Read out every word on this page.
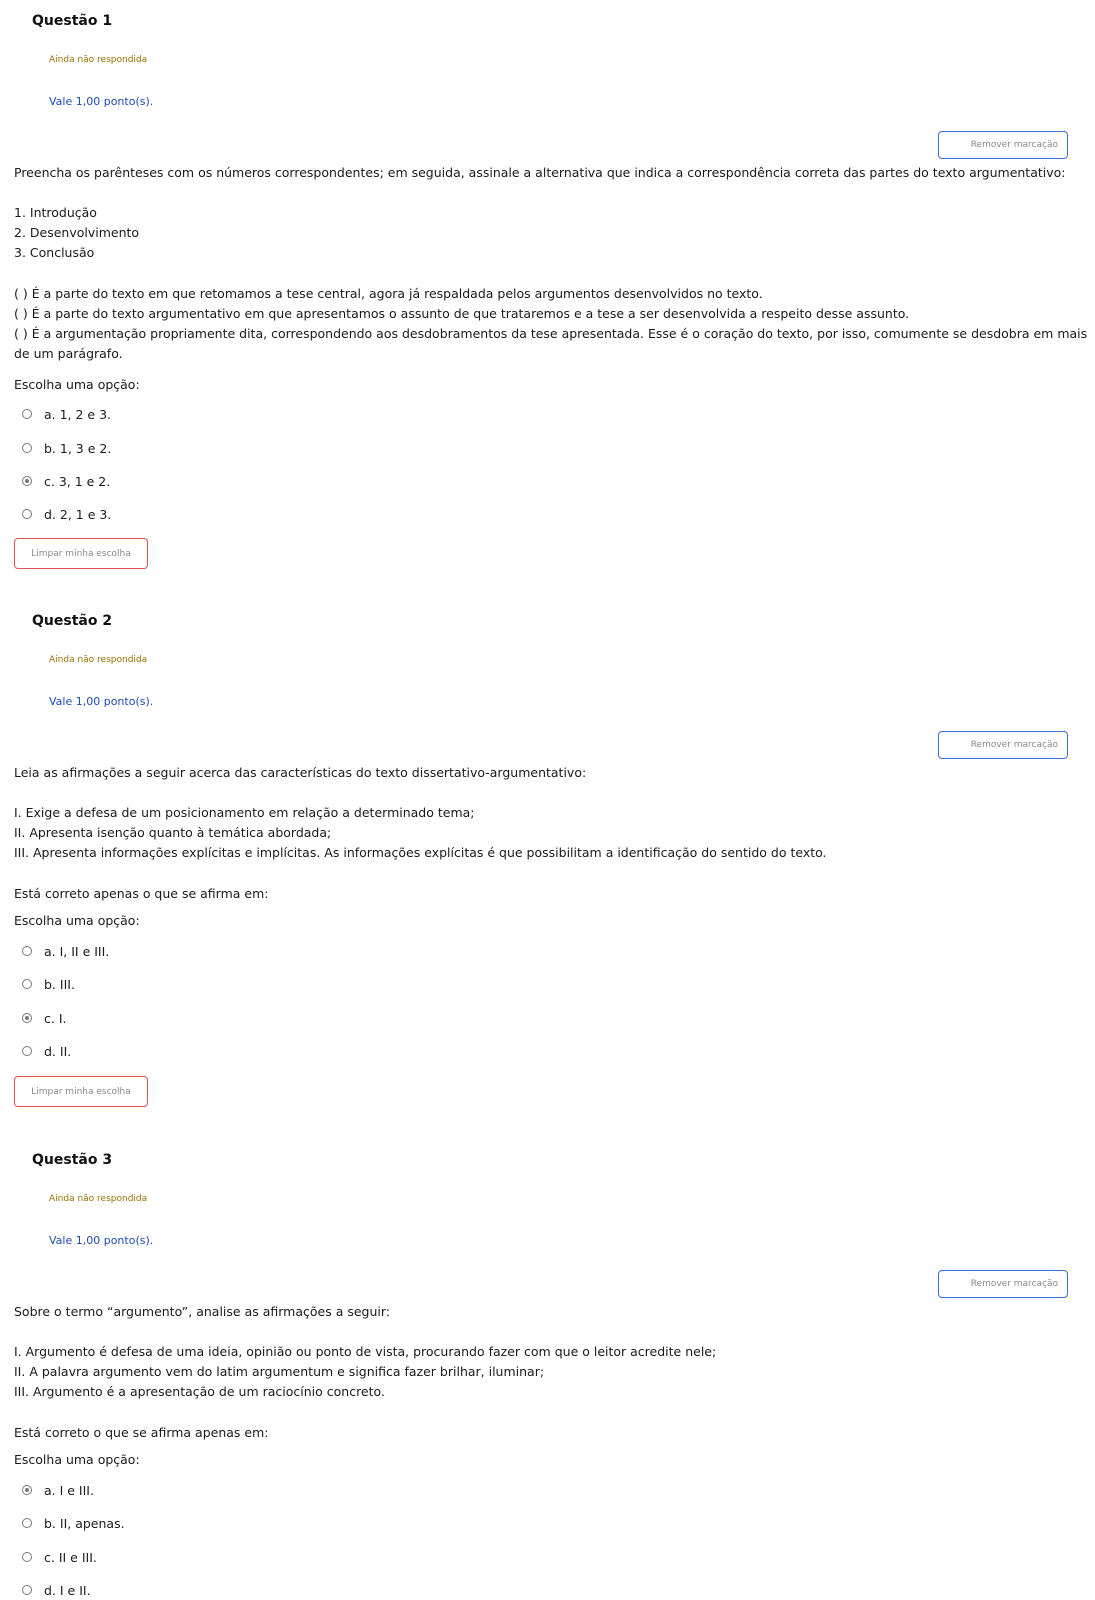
Questão 1
Ainda não respondida
Vale 1,00 ponto(s).
Remover marcação
Preencha os parênteses com os números correspondentes; em seguida, assinale a alternativa que indica a correspondência correta das partes do texto argumentativo:
1. Introdução
2. Desenvolvimento
3. Conclusão
( ) É a parte do texto em que retomamos a tese central, agora já respaldada pelos argumentos desenvolvidos no texto.
( ) É a parte do texto argumentativo em que apresentamos o assunto de que trataremos e a tese a ser desenvolvida a respeito desse assunto.
( ) É a argumentação propriamente dita, correspondendo aos desdobramentos da tese apresentada. Esse é o coração do texto, por isso, comumente se desdobra em mais de um parágrafo.
Escolha uma opção:
a. 1, 2 e 3.
b. 1, 3 e 2.
c. 3, 1 e 2.
d. 2, 1 e 3.
Limpar minha escolha
Questão 2
Ainda não respondida
Vale 1,00 ponto(s).
Remover marcação
Leia as afirmações a seguir acerca das características do texto dissertativo-argumentativo:
I. Exige a defesa de um posicionamento em relação a determinado tema;
II. Apresenta isenção quanto à temática abordada;
III. Apresenta informações explícitas e implícitas. As informações explícitas é que possibilitam a identificação do sentido do texto.
Está correto apenas o que se afirma em:
Escolha uma opção:
a. I, II e III.
b. III.
c. I.
d. II.
Limpar minha escolha
Questão 3
Ainda não respondida
Vale 1,00 ponto(s).
Remover marcação
Sobre o termo “argumento”, analise as afirmações a seguir:
I. Argumento é defesa de uma ideia, opinião ou ponto de vista, procurando fazer com que o leitor acredite nele;
II. A palavra argumento vem do latim argumentum e significa fazer brilhar, iluminar;
III. Argumento é a apresentação de um raciocínio concreto.
Está correto o que se afirma apenas em:
Escolha uma opção:
a. I e III.
b. II, apenas.
c. II e III.
d. I e II.
